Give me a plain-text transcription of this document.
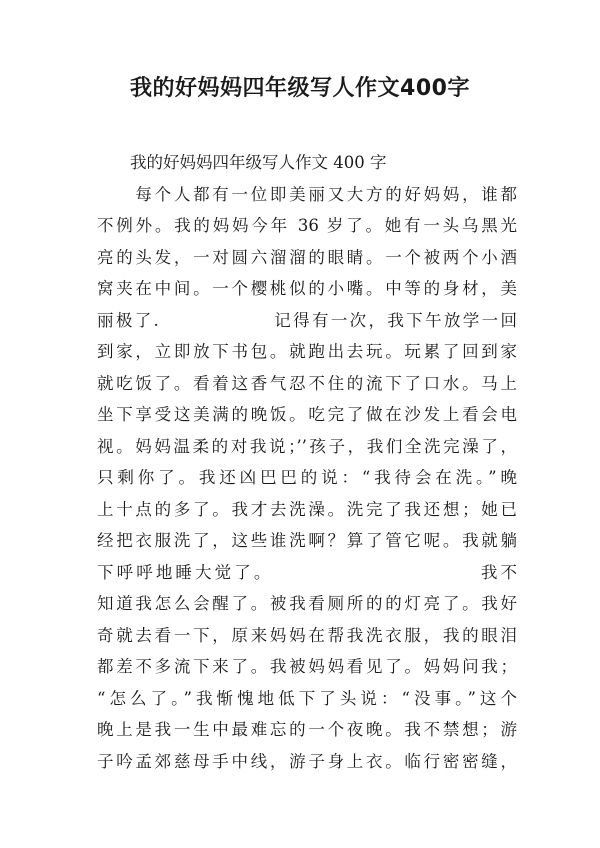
我的好妈妈四年级写人作文400字
　　我的好妈妈四年级写人作文 400 字
　　每个人都有一位即美丽又大方的好妈妈，谁都
不例外。我的妈妈今年 36 岁了。她有一头乌黑光
亮的头发，一对圆六溜溜的眼睛。一个被两个小酒
窝夹在中间。一个樱桃似的小嘴。中等的身材，美
丽极了.　　　　　　记得有一次，我下午放学一回
到家，立即放下书包。就跑出去玩。玩累了回到家
就吃饭了。看着这香气忍不住的流下了口水。马上
坐下享受这美满的晚饭。吃完了做在沙发上看会电
视。妈妈温柔的对我说；’’孩子，我们全洗完澡了，
只剩你了。我还凶巴巴的说：“我待会在洗。”晚
上十点的多了。我才去洗澡。洗完了我还想；她已
经把衣服洗了，这些谁洗啊？算了管它呢。我就躺
下呼呼地睡大觉了。　　　　　　　　　　　我不
知道我怎么会醒了。被我看厕所的的灯亮了。我好
奇就去看一下，原来妈妈在帮我洗衣服，我的眼泪
都差不多流下来了。我被妈妈看见了。妈妈问我；
“怎么了。”我惭愧地低下了头说：“没事。”这个
晚上是我一生中最难忘的一个夜晚。我不禁想；游
子吟孟郊慈母手中线，游子身上衣。临行密密缝，
